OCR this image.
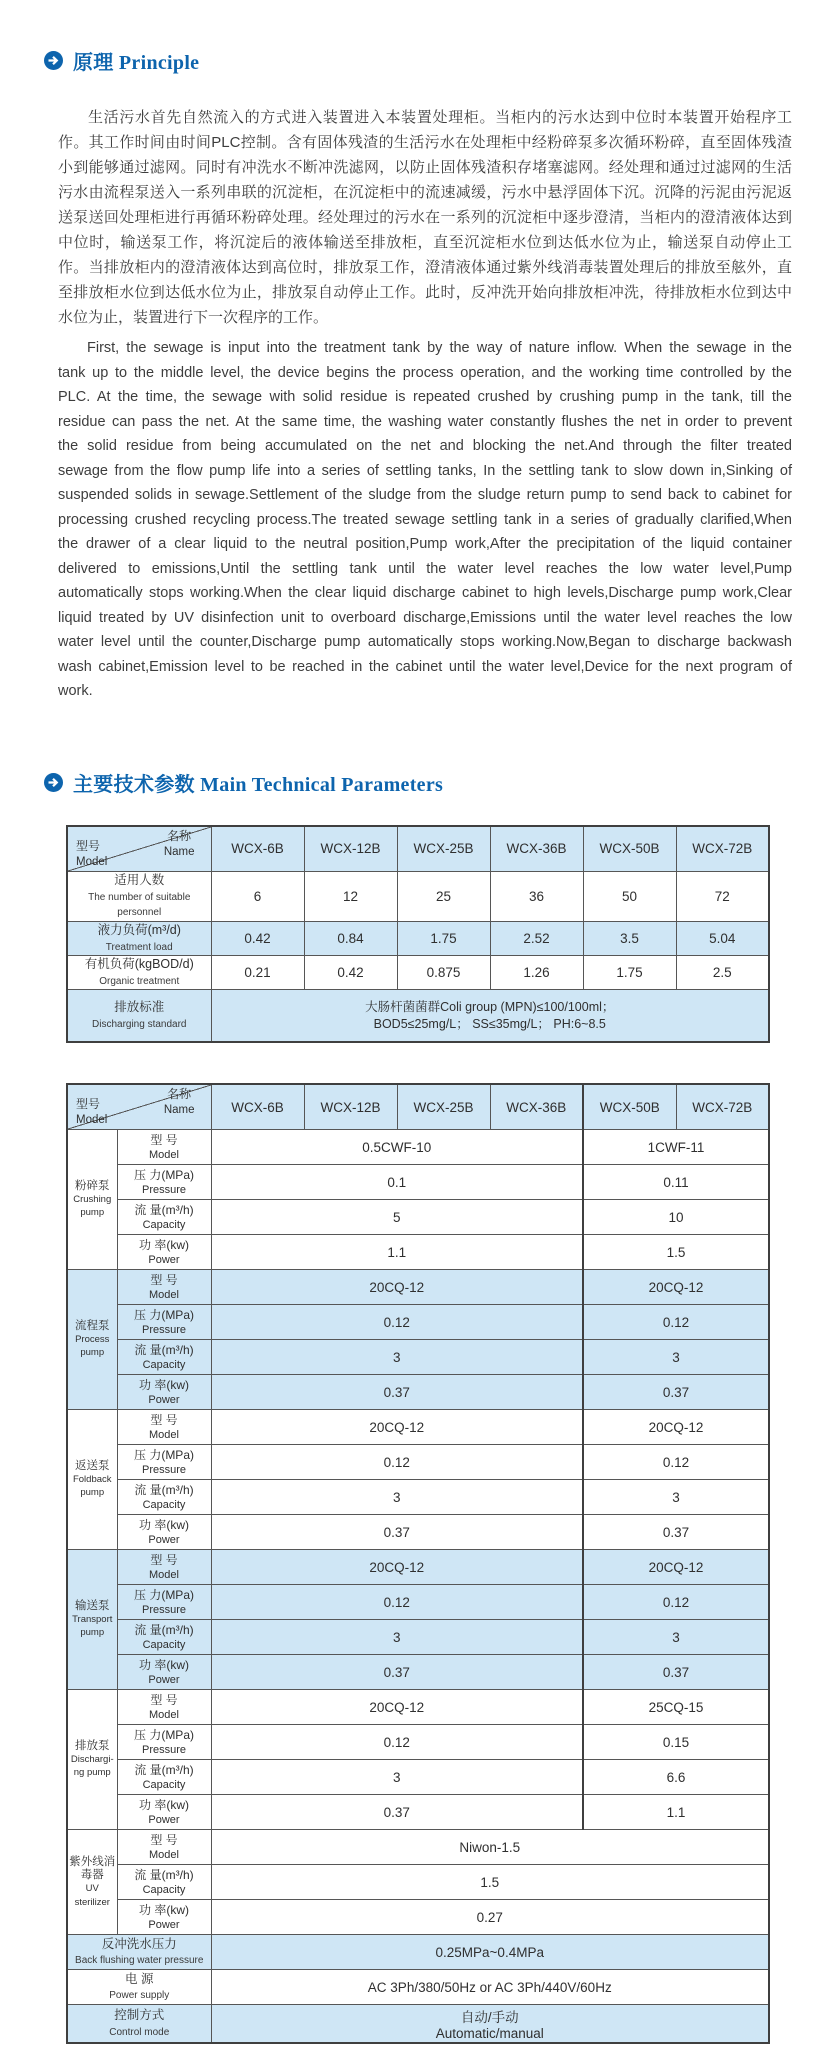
原理 Principle

生活污水首先自然流入的方式进入装置进入本装置处理柜。当柜内的污水达到中位时本装置开始程序工作。其工作时间由时间PLC控制。含有固体残渣的生活污水在处理柜中经粉碎泵多次循环粉碎，直至固体残渣小到能够通过滤网。同时有冲洗水不断冲洗滤网，以防止固体残渣积存堵塞滤网。经处理和通过过滤网的生活污水由流程泵送入一系列串联的沉淀柜，在沉淀柜中的流速减缓，污水中悬浮固体下沉。沉降的污泥由污泥返送泵送回处理柜进行再循环粉碎处理。经处理过的污水在一系列的沉淀柜中逐步澄清，当柜内的澄清液体达到中位时，输送泵工作，将沉淀后的液体输送至排放柜，直至沉淀柜水位到达低水位为止，输送泵自动停止工作。当排放柜内的澄清液体达到高位时，排放泵工作，澄清液体通过紫外线消毒装置处理后的排放至舷外，直至排放柜水位到达低水位为止，排放泵自动停止工作。此时，反冲洗开始向排放柜冲洗，待排放柜水位到达中水位为止，装置进行下一次程序的工作。

First, the sewage is input into the treatment tank by the way of nature inflow. When the sewage in the tank up to the middle level, the device begins the process operation, and the working time controlled by the PLC. At the time, the sewage with solid residue is repeated crushed by crushing pump in the tank, till the residue can pass the net. At the same time, the washing water constantly flushes the net in order to prevent the solid residue from being accumulated on the net and blocking the net.And through the filter treated sewage from the flow pump life into a series of settling tanks, In the settling tank to slow down in,Sinking of suspended solids in sewage.Settlement of the sludge from the sludge return pump to send back to cabinet for processing crushed recycling process.The treated sewage settling tank in a series of gradually clarified,When the drawer of a clear liquid to the neutral position,Pump work,After the precipitation of the liquid container delivered to emissions,Until the settling tank until the water level reaches the low water level,Pump automatically stops working.When the clear liquid discharge cabinet to high levels,Discharge pump work,Clear liquid treated by UV disinfection unit to overboard discharge,Emissions until the water level reaches the low water level until the counter,Discharge pump automatically stops working.Now,Began to discharge backwash wash cabinet,Emission level to be reached in the cabinet until the water level,Device for the next program of work.

主要技术参数 Main Technical Parameters
名称
Name
型号
Model	WCX-6B	WCX-12B	WCX-25B	WCX-36B	WCX-50B	WCX-72B
适用人数
The number of suitable personnel	6	12	25	36	50	72
液力负荷(m³/d)
Treatment load	0.42	0.84	1.75	2.52	3.5	5.04
有机负荷(kgBOD/d)
Organic treatment	0.21	0.42	0.875	1.26	1.75	2.5
排放标准
Discharging standard	大肠杆菌菌群Coli group (MPN)≤100/100ml；
BOD5≤25mg/L； SS≤35mg/L； PH:6~8.5					
名称
Name
型号
Model		WCX-6B	WCX-12B	WCX-25B	WCX-36B	WCX-50B	WCX-72B
粉碎泵
Crushing pump	型 号
Model	0.5CWF-10				1CWF-11	
	压 力(MPa)
Pressure	0.1				0.11	
	流 量(m³/h)
Capacity	5				10	
	功 率(kw)
Power	1.1				1.5	
流程泵
Process pump	型 号
Model	20CQ-12				20CQ-12	
	压 力(MPa)
Pressure	0.12				0.12	
	流 量(m³/h)
Capacity	3				3	
	功 率(kw)
Power	0.37				0.37	
返送泵
Foldback pump	型 号
Model	20CQ-12				20CQ-12	
	压 力(MPa)
Pressure	0.12				0.12	
	流 量(m³/h)
Capacity	3				3	
	功 率(kw)
Power	0.37				0.37	
输送泵
Transport pump	型 号
Model	20CQ-12				20CQ-12	
	压 力(MPa)
Pressure	0.12				0.12	
	流 量(m³/h)
Capacity	3				3	
	功 率(kw)
Power	0.37				0.37	
排放泵
Dischargi-ng pump	型 号
Model	20CQ-12				25CQ-15	
	压 力(MPa)
Pressure	0.12				0.15	
	流 量(m³/h)
Capacity	3				6.6	
	功 率(kw)
Power	0.37				1.1	
紫外线消毒器
UV sterilizer	型 号
Model	Niwon-1.5					
	流 量(m³/h)
Capacity	1.5					
	功 率(kw)
Power	0.27					
反冲洗水压力
Back flushing water pressure		0.25MPa~0.4MPa					
电 源
Power supply		AC 3Ph/380/50Hz or AC 3Ph/440V/60Hz					
控制方式
Control mode		自动/手动
Automatic/manual					
